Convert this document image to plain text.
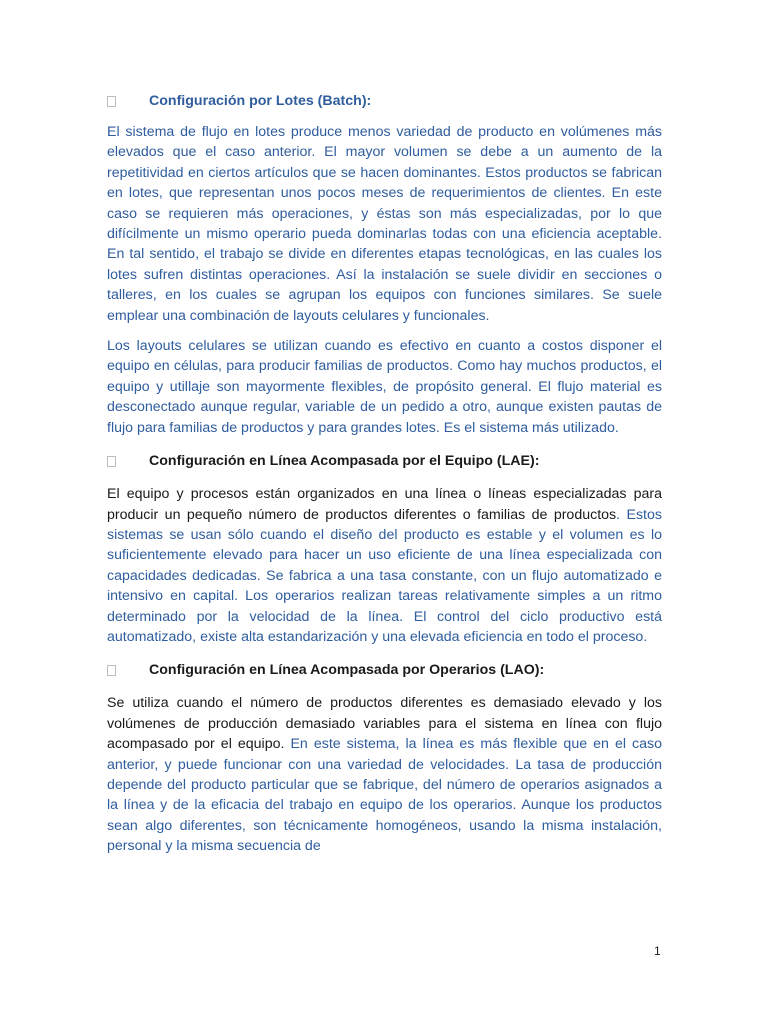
Configuración por Lotes (Batch):

El sistema de flujo en lotes produce menos variedad de producto en volúmenes más elevados que el caso anterior. El mayor volumen se debe a un aumento de la repetitividad en ciertos artículos que se hacen dominantes. Estos productos se fabrican en lotes, que representan unos pocos meses de requerimientos de clientes. En este caso se requieren más operaciones, y éstas son más especializadas, por lo que difícilmente un mismo operario pueda dominarlas todas con una eficiencia aceptable. En tal sentido, el trabajo se divide en diferentes etapas tecnológicas, en las cuales los lotes sufren distintas operaciones. Así la instalación se suele dividir en secciones o talleres, en los cuales se agrupan los equipos con funciones similares. Se suele emplear una combinación de layouts celulares y funcionales.

Los layouts celulares se utilizan cuando es efectivo en cuanto a costos disponer el equipo en células, para producir familias de productos. Como hay muchos productos, el equipo y utillaje son mayormente flexibles, de propósito general. El flujo material es desconectado aunque regular, variable de un pedido a otro, aunque existen pautas de flujo para familias de productos y para grandes lotes. Es el sistema más utilizado.

Configuración en Línea Acompasada por el Equipo (LAE):

El equipo y procesos están organizados en una línea o líneas especializadas para producir un pequeño número de productos diferentes o familias de productos. Estos sistemas se usan sólo cuando el diseño del producto es estable y el volumen es lo suficientemente elevado para hacer un uso eficiente de una línea especializada con capacidades dedicadas. Se fabrica a una tasa constante, con un flujo automatizado e intensivo en capital. Los operarios realizan tareas relativamente simples a un ritmo determinado por la velocidad de la línea. El control del ciclo productivo está automatizado, existe alta estandarización y una elevada eficiencia en todo el proceso.

Configuración en Línea Acompasada por Operarios (LAO):

Se utiliza cuando el número de productos diferentes es demasiado elevado y los volúmenes de producción demasiado variables para el sistema en línea con flujo acompasado por el equipo. En este sistema, la línea es más flexible que en el caso anterior, y puede funcionar con una variedad de velocidades. La tasa de producción depende del producto particular que se fabrique, del número de operarios asignados a la línea y de la eficacia del trabajo en equipo de los operarios. Aunque los productos sean algo diferentes, son técnicamente homogéneos, usando la misma instalación, personal y la misma secuencia de

1
